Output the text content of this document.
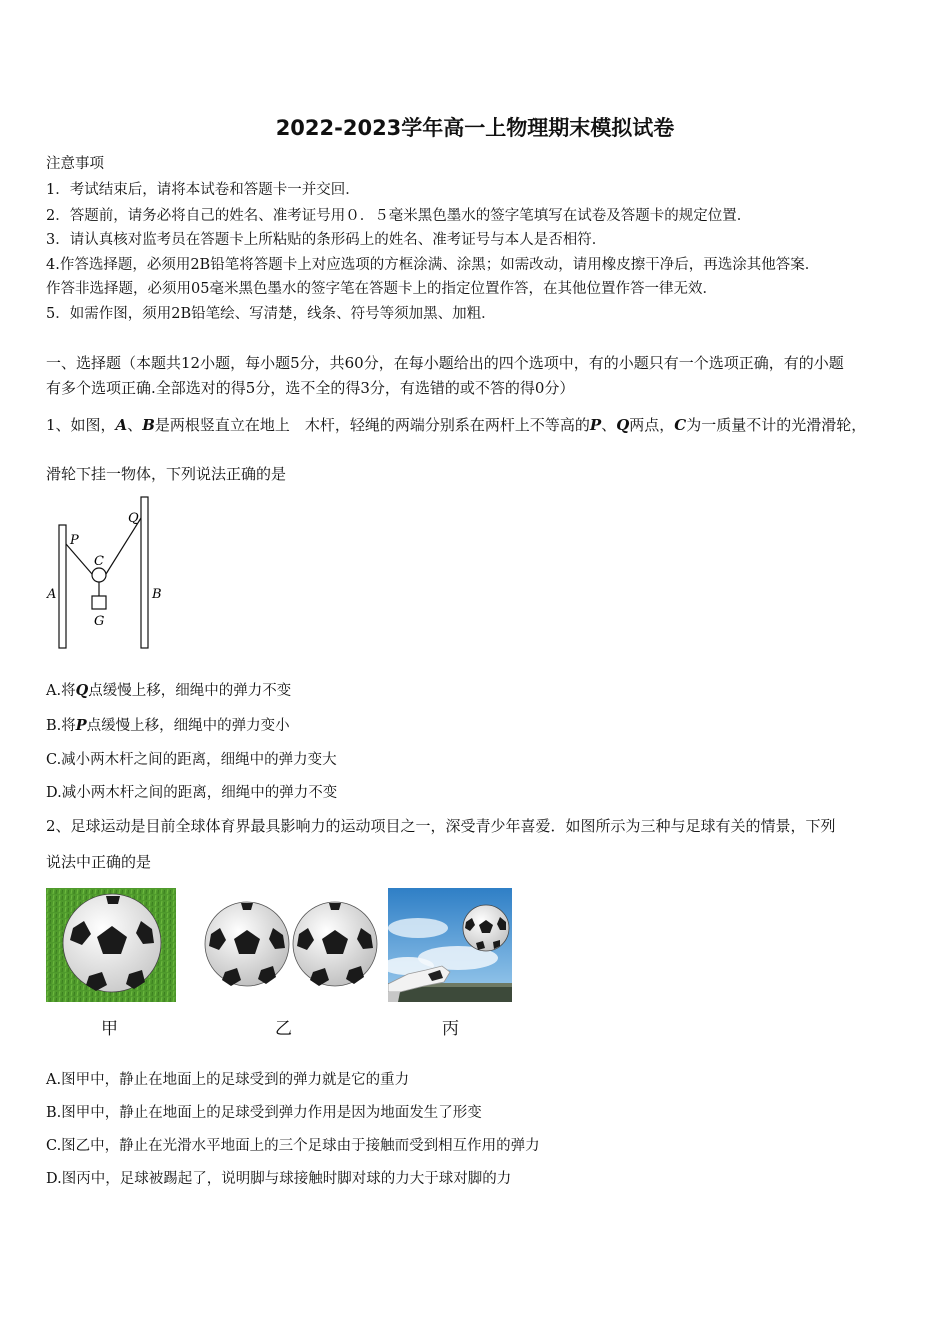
2022-2023学年高一上物理期末模拟试卷
注意事项
1．考试结束后，请将本试卷和答题卡一并交回．
2．答题前，请务必将自己的姓名、准考证号用０．５毫米黑色墨水的签字笔填写在试卷及答题卡的规定位置．
3．请认真核对监考员在答题卡上所粘贴的条形码上的姓名、准考证号与本人是否相符．
4.作答选择题，必须用2B铅笔将答题卡上对应选项的方框涂满、涂黑；如需改动，请用橡皮擦干净后，再选涂其他答案．
作答非选择题，必须用05毫米黑色墨水的签字笔在答题卡上的指定位置作答，在其他位置作答一律无效．
5．如需作图，须用2B铅笔绘、写清楚，线条、符号等须加黑、加粗．
一、选择题（本题共12小题，每小题5分，共60分，在每小题给出的四个选项中，有的小题只有一个选项正确，有的小题
有多个选项正确.全部选对的得5分，选不全的得3分，有选错的或不答的得0分）
1、如图，A、B是两根竖直立在地上　木杆，轻绳的两端分别系在两杆上不等高的P、Q两点，C为一质量不计的光滑滑轮，
滑轮下挂一物体，下列说法正确的是
P
Q
C
A	B
G
A.将Q点缓慢上移，细绳中的弹力不变
B.将P点缓慢上移，细绳中的弹力变小
C.减小两木杆之间的距离，细绳中的弹力变大
D.减小两木杆之间的距离，细绳中的弹力不变
2、足球运动是目前全球体育界最具影响力的运动项目之一，深受青少年喜爱．如图所示为三种与足球有关的情景，下列
说法中正确的是
甲	乙	丙
A.图甲中，静止在地面上的足球受到的弹力就是它的重力
B.图甲中，静止在地面上的足球受到弹力作用是因为地面发生了形变
C.图乙中，静止在光滑水平地面上的三个足球由于接触而受到相互作用的弹力
D.图丙中，足球被踢起了，说明脚与球接触时脚对球的力大于球对脚的力
